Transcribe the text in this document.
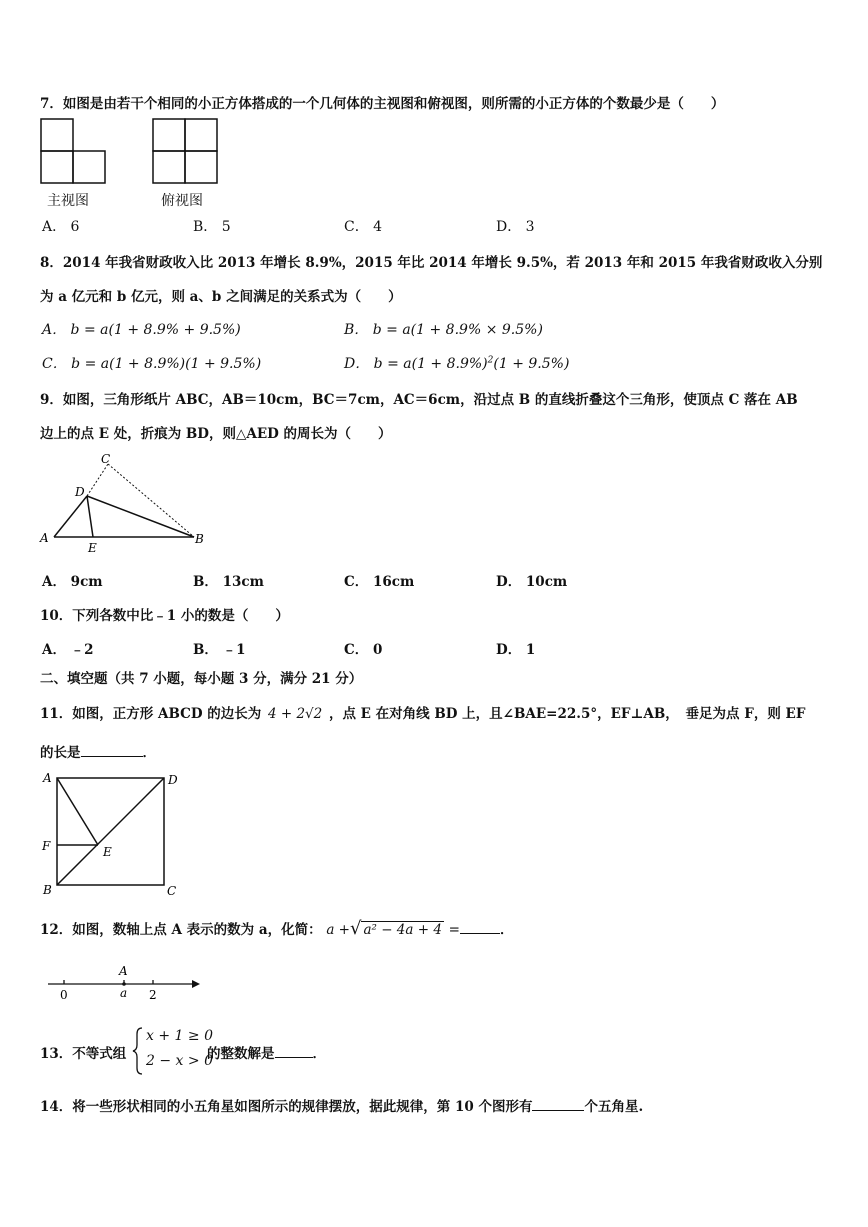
7．如图是由若干个相同的小正方体搭成的一个几何体的主视图和俯视图，则所需的小正方体的个数最少是（　　）
主视图	俯视图
A． 6	B． 5	C． 4	D． 3
8．2014 年我省财政收入比 2013 年增长 8.9%，2015 年比 2014 年增长 9.5%，若 2013 年和 2015 年我省财政收入分别
为 a 亿元和 b 亿元，则 a、b 之间满足的关系式为（　　）
A． b = a(1 + 8.9% + 9.5%)	B． b = a(1 + 8.9% × 9.5%)
C． b = a(1 + 8.9%)(1 + 9.5%)	D． $b = a(1 + 8.9\%)^2(1 + 9.5\%)$
9．如图，三角形纸片 ABC，AB＝10cm，BC＝7cm，AC＝6cm，沿过点 B 的直线折叠这个三角形，使顶点 C 落在 AB
边上的点 E 处，折痕为 BD，则△AED 的周长为（　　）
C
D
A
E
B
A． 9cm	B． 13cm	C． 16cm	D． 10cm
10．下列各数中比﹣1 小的数是（　　）
A． ﹣2	B． ﹣1	C． 0	D． 1
二、填空题（共 7 小题，每小题 3 分，满分 21 分）
11．如图，正方形 ABCD 的边长为 4 + 2√2 ，点 E 在对角线 BD 上，且∠BAE=22.5°，EF⊥AB，　垂足为点 F，则 EF
的长是	．
A	D
F	E
B	C
12．如图，数轴上点 A 表示的数为 a，化简： a +√ a² − 4a + 4 =	．
A
0	a 2
13．不等式组
x + 1 ≥ 0
2 − x > 0
的整数解是	．
14．将一些形状相同的小五角星如图所示的规律摆放，据此规律，第 10 个图形有	个五角星.
